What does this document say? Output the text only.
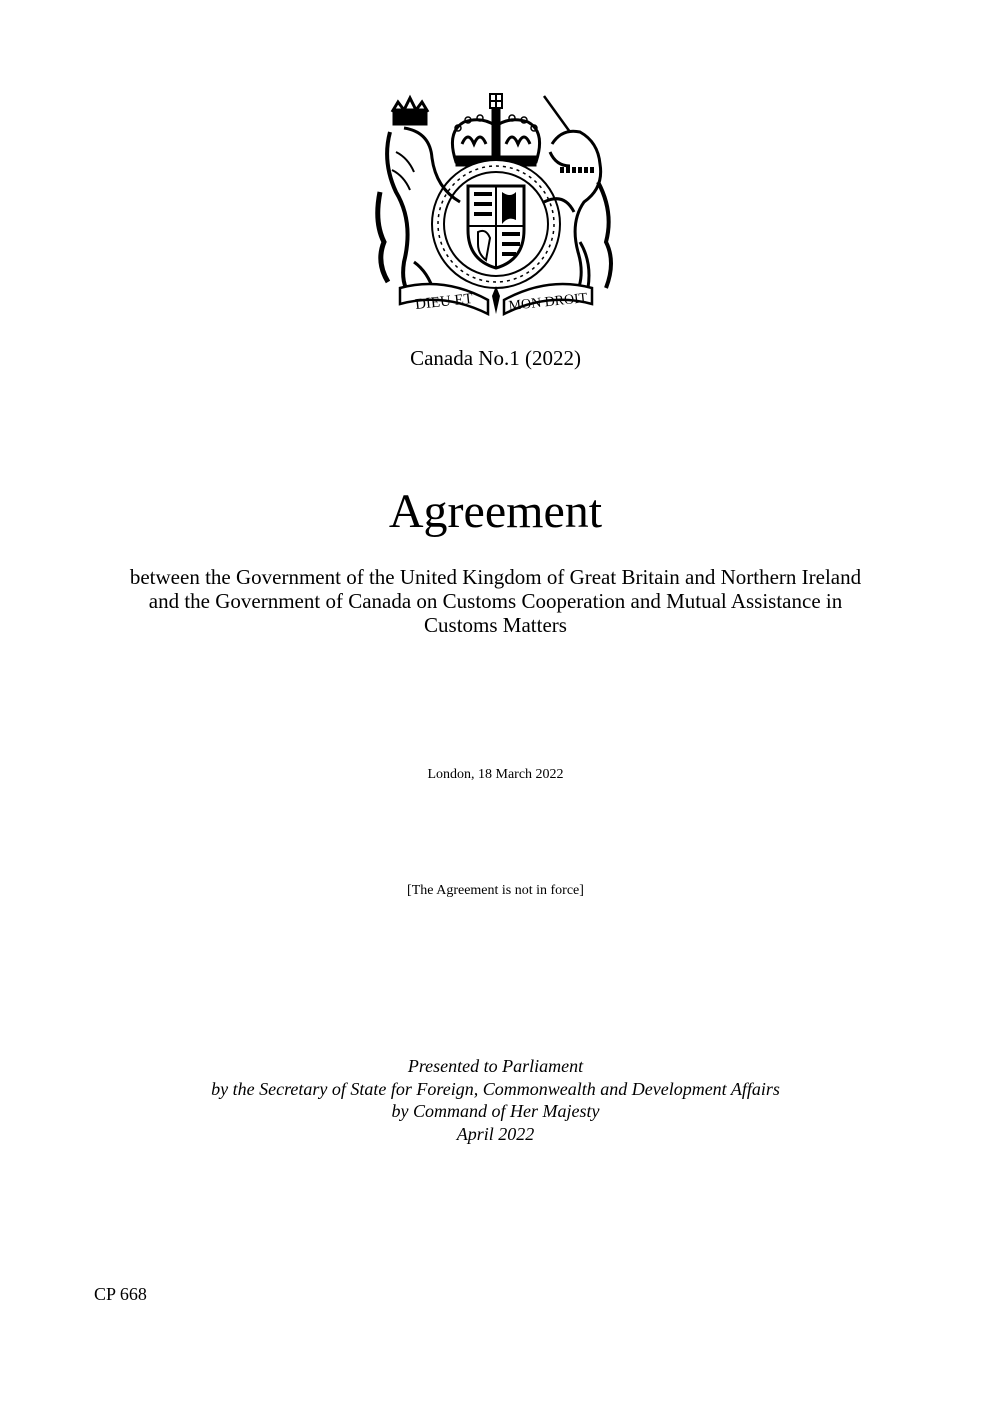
DIEU ET MON DROIT
Canada No.1 (2022)
Agreement
between the Government of the United Kingdom of Great Britain and Northern Ireland
and the Government of Canada on Customs Cooperation and Mutual Assistance in
Customs Matters
London, 18 March 2022
[The Agreement is not in force]
Presented to Parliament
by the Secretary of State for Foreign, Commonwealth and Development Affairs
by Command of Her Majesty
April 2022
CP 668
